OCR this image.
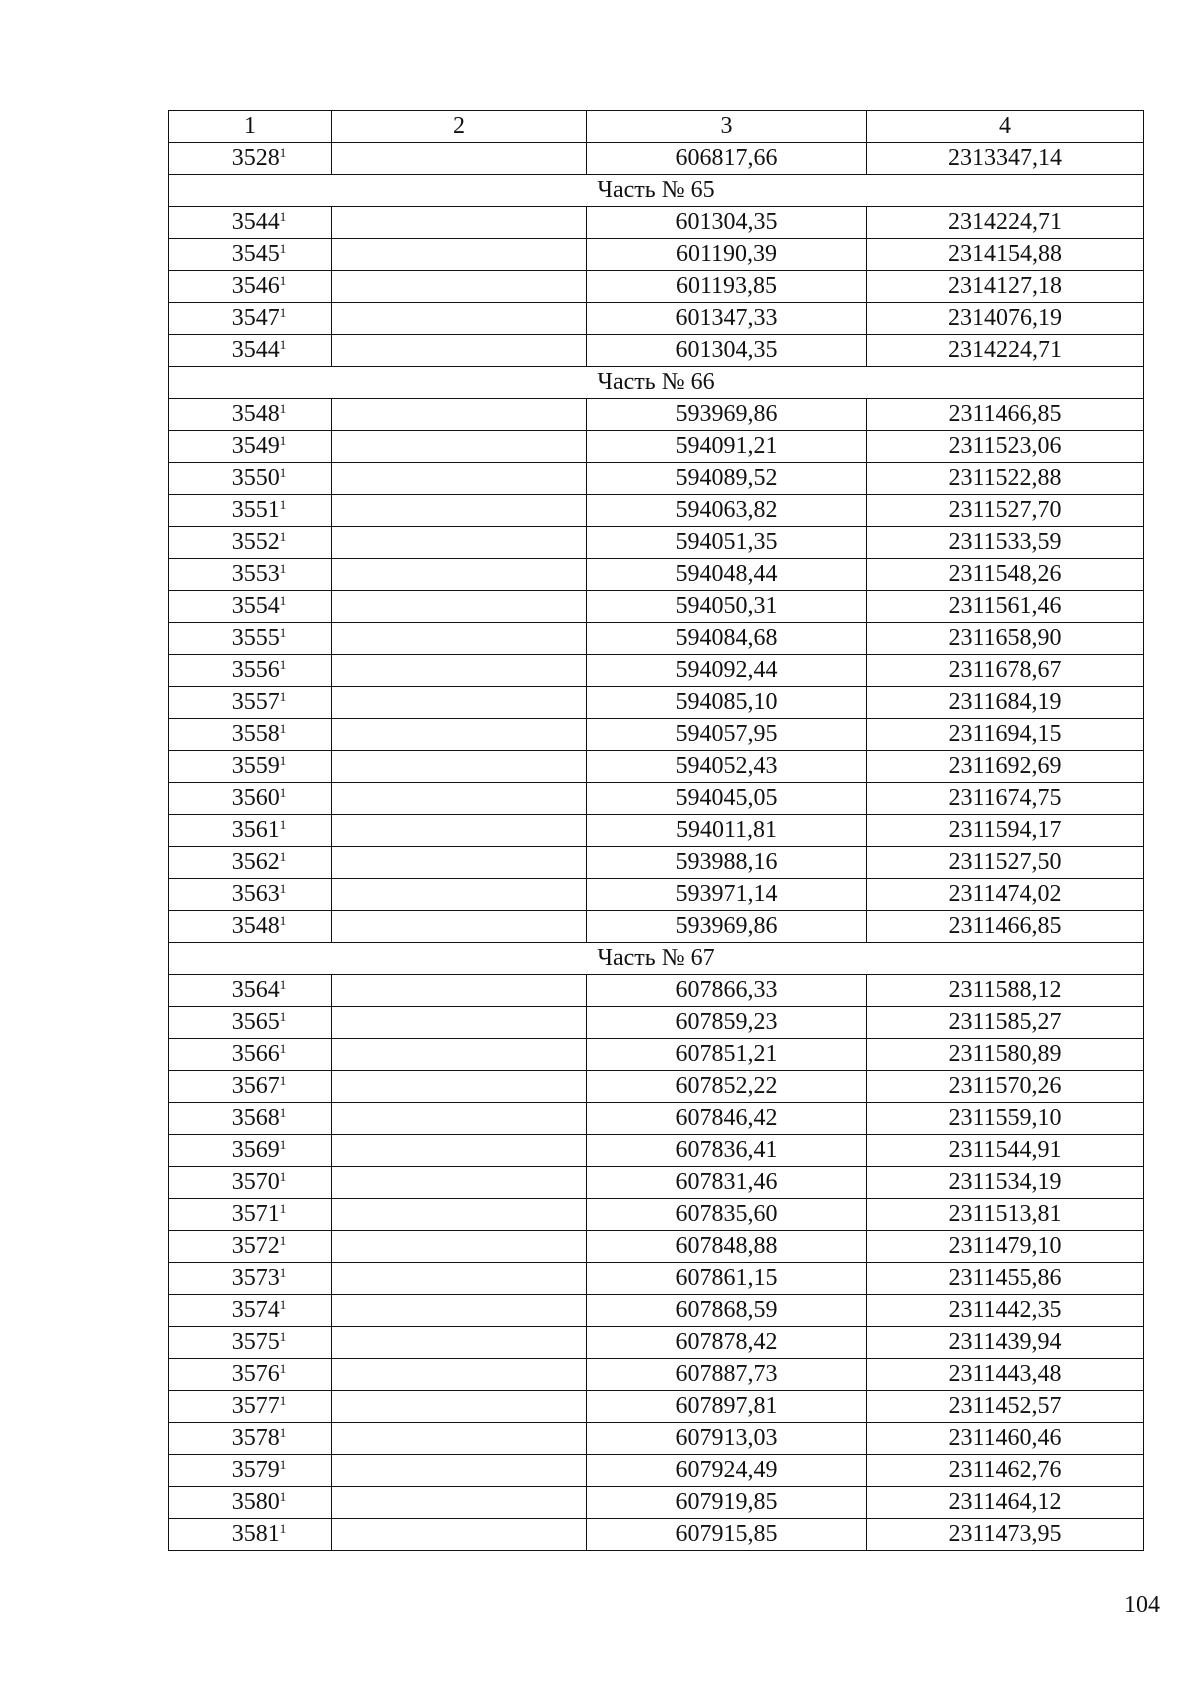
1	2	3	4
3528$^1$		606817,66	2313347,14
Часть № 65			
3544$^1$		601304,35	2314224,71
3545$^1$		601190,39	2314154,88
3546$^1$		601193,85	2314127,18
3547$^1$		601347,33	2314076,19
3544$^1$		601304,35	2314224,71
Часть № 66			
3548$^1$		593969,86	2311466,85
3549$^1$		594091,21	2311523,06
3550$^1$		594089,52	2311522,88
3551$^1$		594063,82	2311527,70
3552$^1$		594051,35	2311533,59
3553$^1$		594048,44	2311548,26
3554$^1$		594050,31	2311561,46
3555$^1$		594084,68	2311658,90
3556$^1$		594092,44	2311678,67
3557$^1$		594085,10	2311684,19
3558$^1$		594057,95	2311694,15
3559$^1$		594052,43	2311692,69
3560$^1$		594045,05	2311674,75
3561$^1$		594011,81	2311594,17
3562$^1$		593988,16	2311527,50
3563$^1$		593971,14	2311474,02
3548$^1$		593969,86	2311466,85
Часть № 67			
3564$^1$		607866,33	2311588,12
3565$^1$		607859,23	2311585,27
3566$^1$		607851,21	2311580,89
3567$^1$		607852,22	2311570,26
3568$^1$		607846,42	2311559,10
3569$^1$		607836,41	2311544,91
3570$^1$		607831,46	2311534,19
3571$^1$		607835,60	2311513,81
3572$^1$		607848,88	2311479,10
3573$^1$		607861,15	2311455,86
3574$^1$		607868,59	2311442,35
3575$^1$		607878,42	2311439,94
3576$^1$		607887,73	2311443,48
3577$^1$		607897,81	2311452,57
3578$^1$		607913,03	2311460,46
3579$^1$		607924,49	2311462,76
3580$^1$		607919,85	2311464,12
3581$^1$		607915,85	2311473,95
104
